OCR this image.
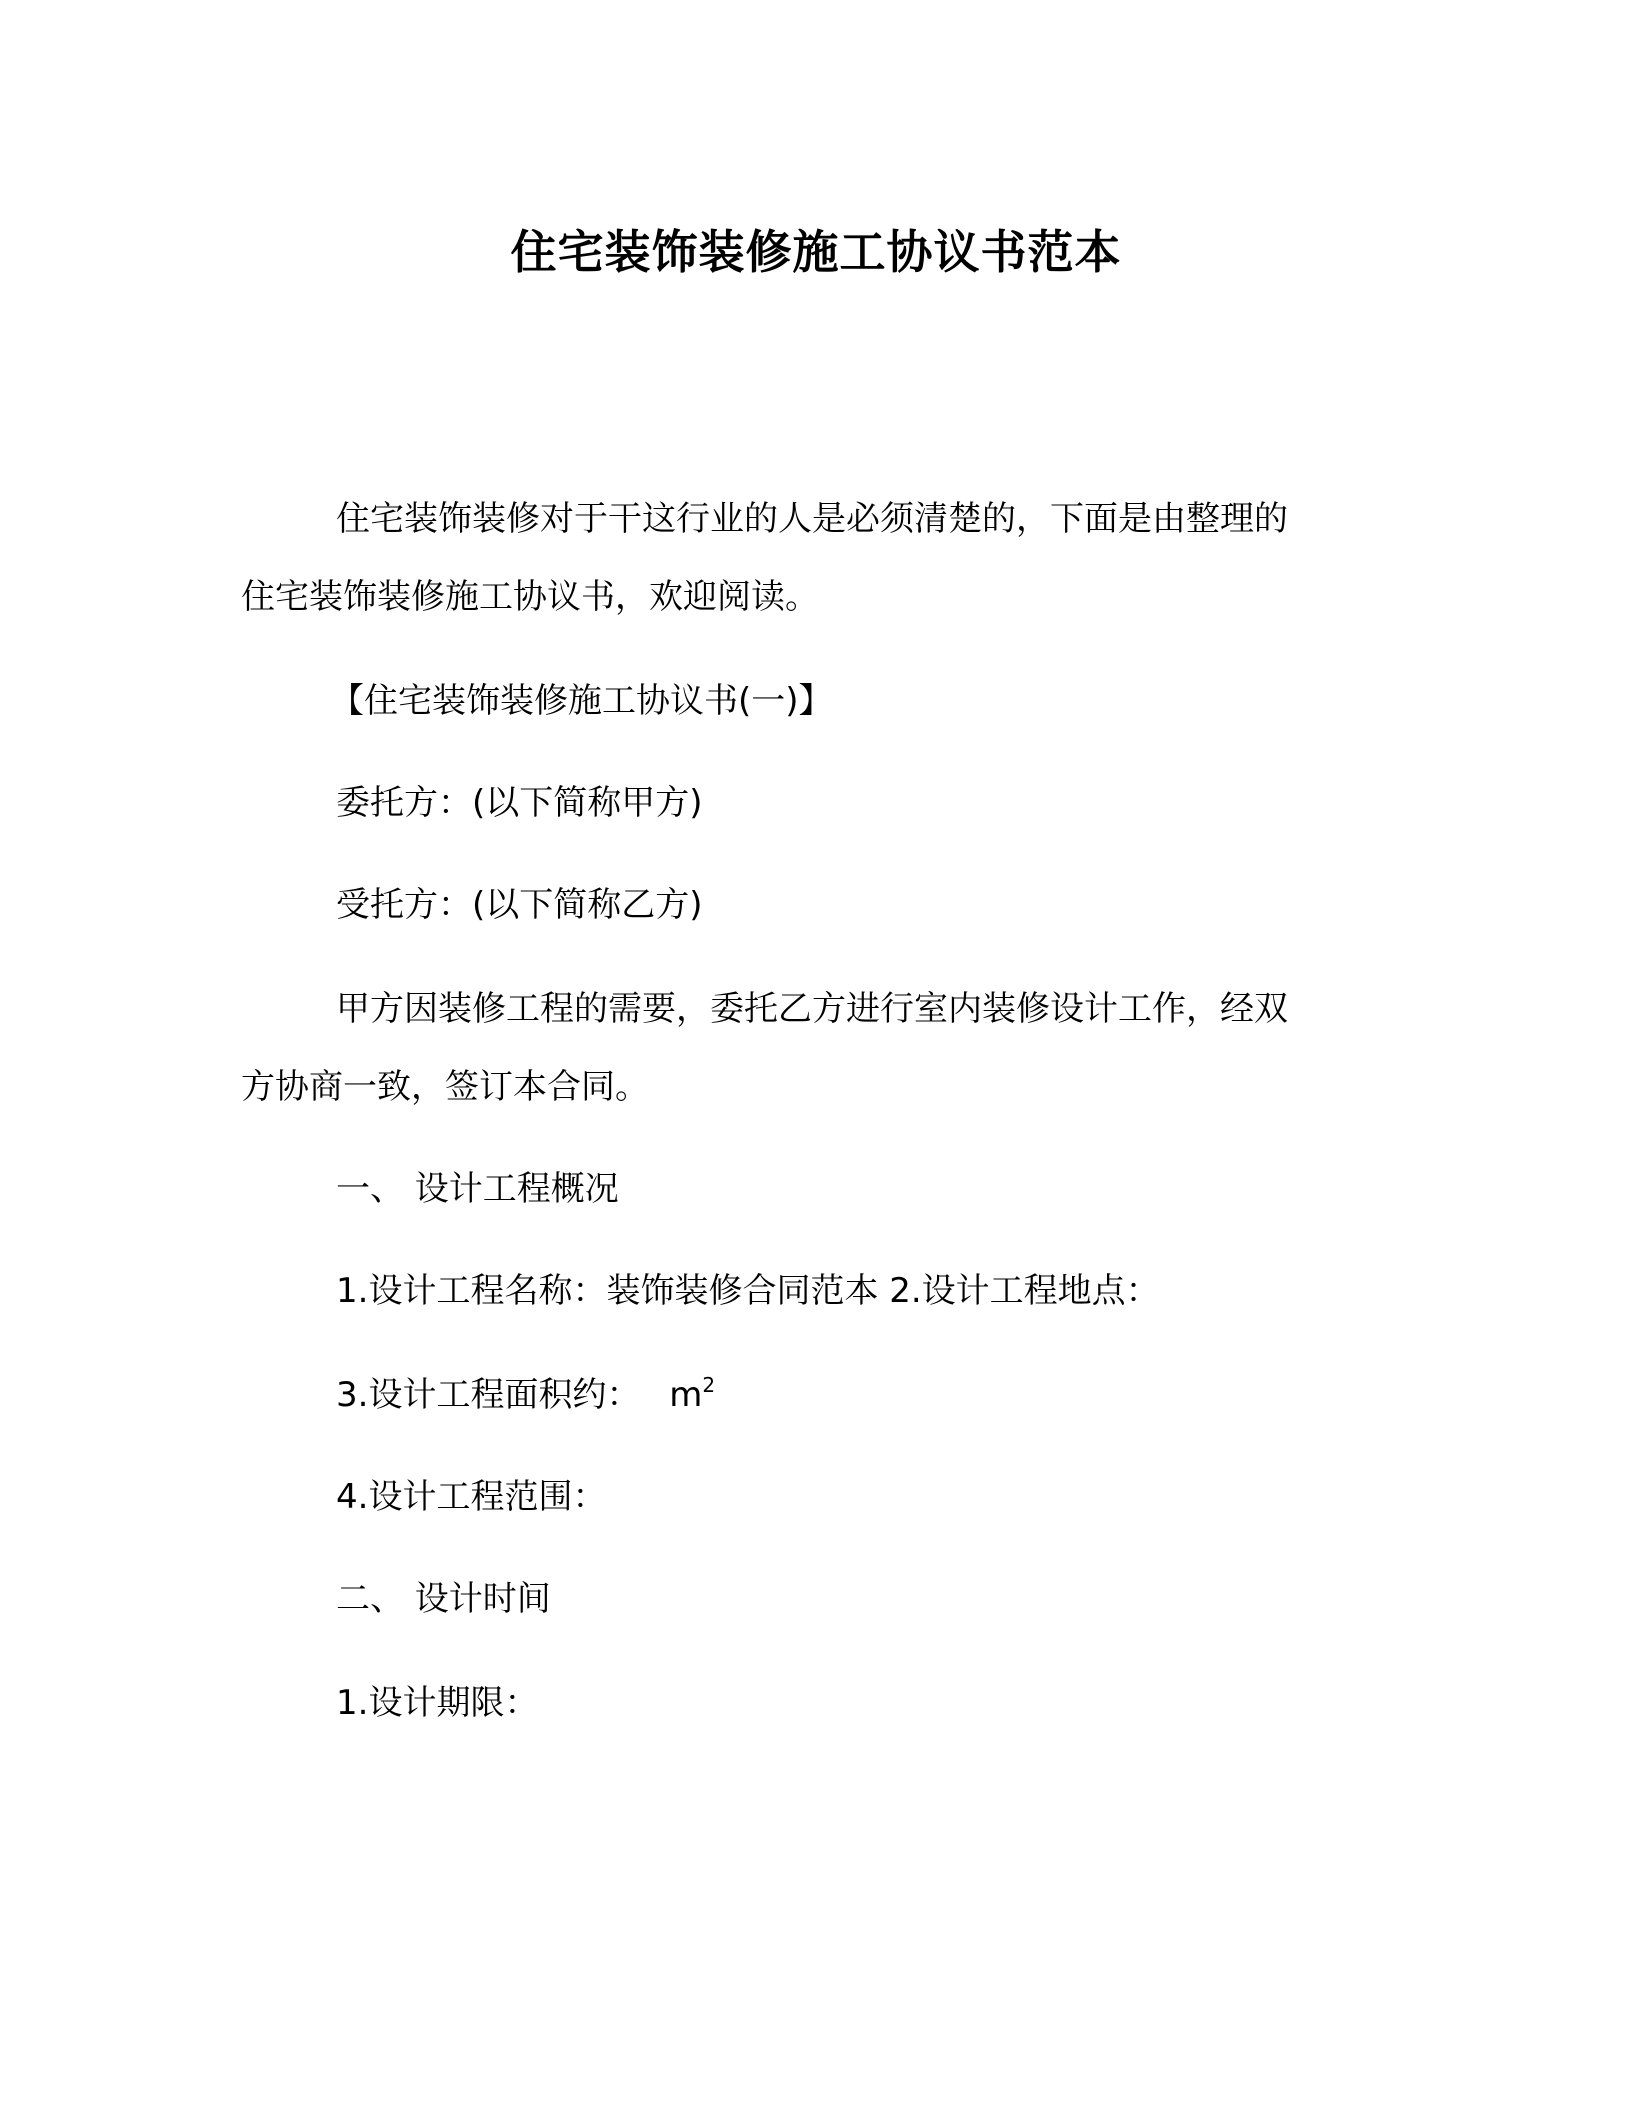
住宅装饰装修施工协议书范本
住宅装饰装修对于干这行业的人是必须清楚的，下面是由整理的
住宅装饰装修施工协议书，欢迎阅读。
【住宅装饰装修施工协议书(一)】
委托方：(以下简称甲方)
受托方：(以下简称乙方)
甲方因装修工程的需要，委托乙方进行室内装修设计工作，经双
方协商一致，签订本合同。
一、 设计工程概况
1.设计工程名称：装饰装修合同范本 2.设计工程地点：
3.设计工程面积约： $m^2$
4.设计工程范围：
二、 设计时间
1.设计期限：
